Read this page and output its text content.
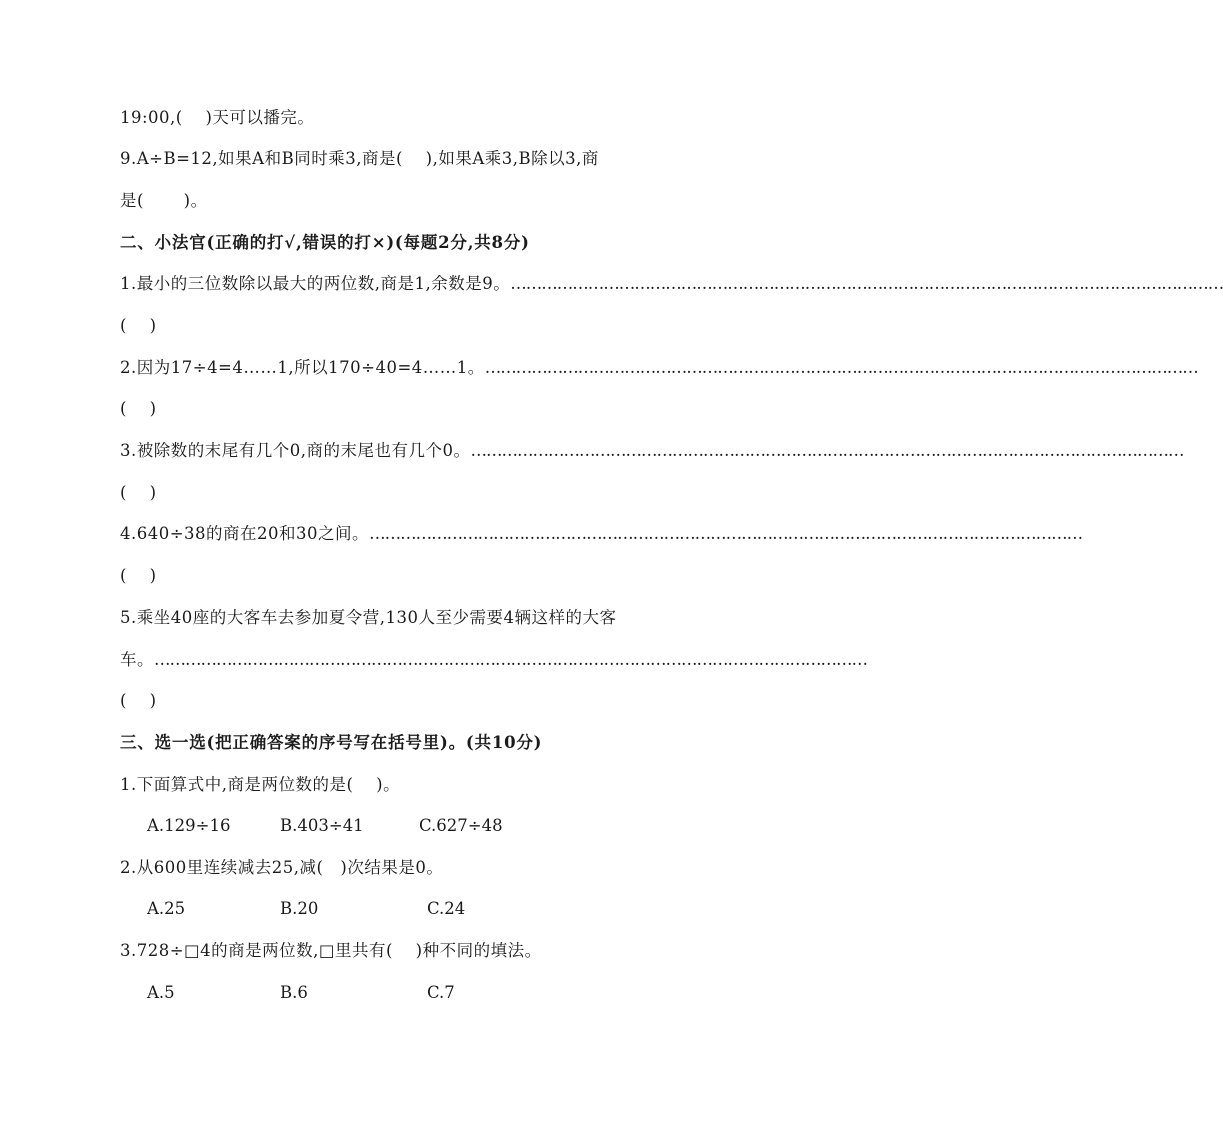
19:00,(　 )天可以播完。
9.A÷B=12,如果A和B同时乘3,商是(　 ),如果A乘3,B除以3,商
是(　　 )。
二、小法官(正确的打√,错误的打×)(每题2分,共8分)
1.最小的三位数除以最大的两位数,商是1,余数是9。 …………………………………………………………………………………………………………………………
( 　)
2.因为17÷4=4……1,所以170÷40=4……1。 …………………………………………………………………………………………………………………………
( 　)
3.被除数的末尾有几个0,商的末尾也有几个0。 …………………………………………………………………………………………………………………………
( 　)
4.640÷38的商在20和30之间。 …………………………………………………………………………………………………………………………
( 　)
5.乘坐40座的大客车去参加夏令营,130人至少需要4辆这样的大客
车。 …………………………………………………………………………………………………………………………
( 　)
三、选一选(把正确答案的序号写在括号里)。(共10分)
1.下面算式中,商是两位数的是(　 )。
A.129÷16	B.403÷41	C.627÷48
2.从600里连续减去25,减(　)次结果是0。
A.25	B.20	C.24
3.728÷□4的商是两位数,□里共有(　 )种不同的填法。
A.5	B.6	C.7
